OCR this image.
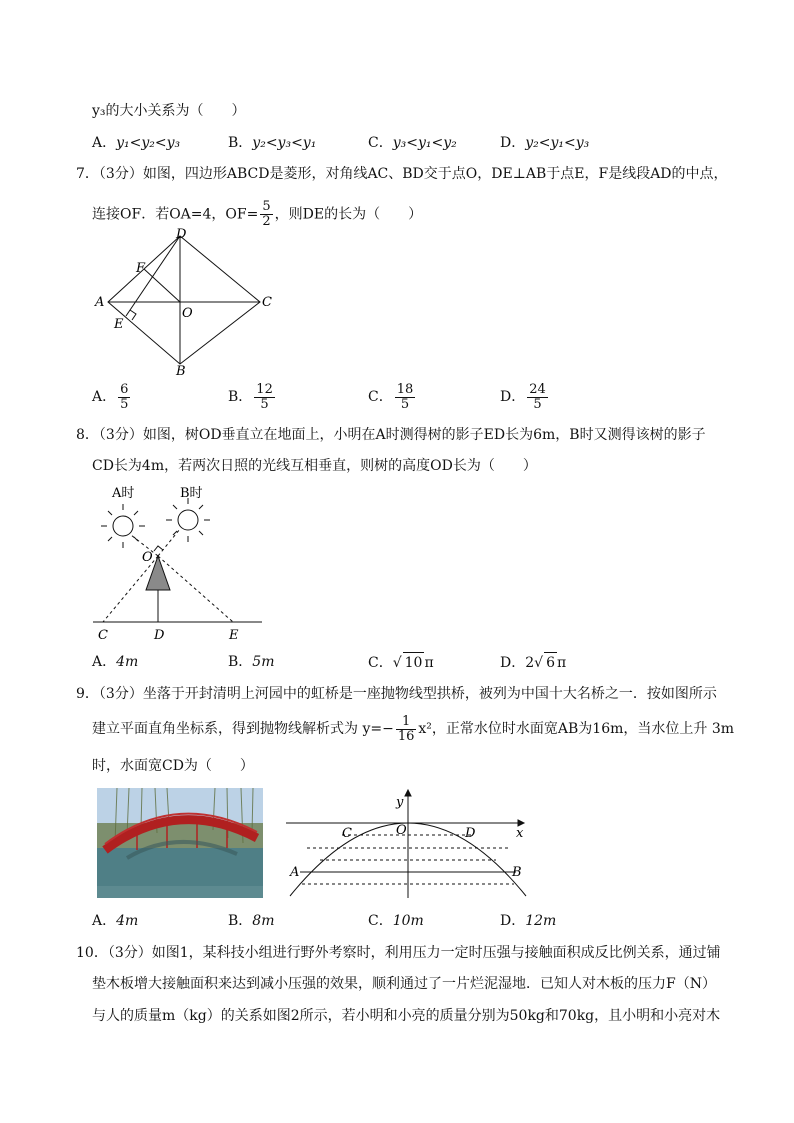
y₃的大小关系为（　　）
A．y₁<y₂<y₃	B．y₂<y₃<y₁	C．y₃<y₁<y₂	D．y₂<y₁<y₃
7．（3分）如图，四边形ABCD是菱形，对角线AC、BD交于点O，DE⊥AB于点E，F是线段AD的中点，
连接OF．若OA=4，$OF= \frac{5}{2}$ ，则DE的长为（　　）
D
C
A
B
E
F
O
A． $\frac{6}{5}$	B． $\frac{12}{5}$	C． $\frac{18}{5}$	D． $\frac{24}{5}$
8．（3分）如图，树OD垂直立在地面上，小明在A时测得树的影子ED长为6m，B时又测得该树的影子
CD长为4m，若两次日照的光线互相垂直，则树的高度OD长为（　　）
A时	B时
O
C	D	E
A．4m	B．5m	C．√ 10 π	D．2√ 6 π
9．（3分）坐落于开封清明上河园中的虹桥是一座抛物线型拱桥，被列为中国十大名桥之一．按如图所示
建立平面直角坐标系，得到抛物线解析式为 $y=- \frac{1}{16} x^2$，正常水位时水面宽AB为16m，当水位上升 3m
时，水面宽CD为（　　）
y
x
O
C	D
A	B
A．4m	B．8m	C．10m	D．12m
10．（3分）如图1，某科技小组进行野外考察时，利用压力一定时压强与接触面积成反比例关系，通过铺
垫木板增大接触面积来达到减小压强的效果，顺利通过了一片烂泥湿地．已知人对木板的压力F（N）
与人的质量m（kg）的关系如图2所示，若小明和小亮的质量分别为50kg和70kg，且小明和小亮对木
